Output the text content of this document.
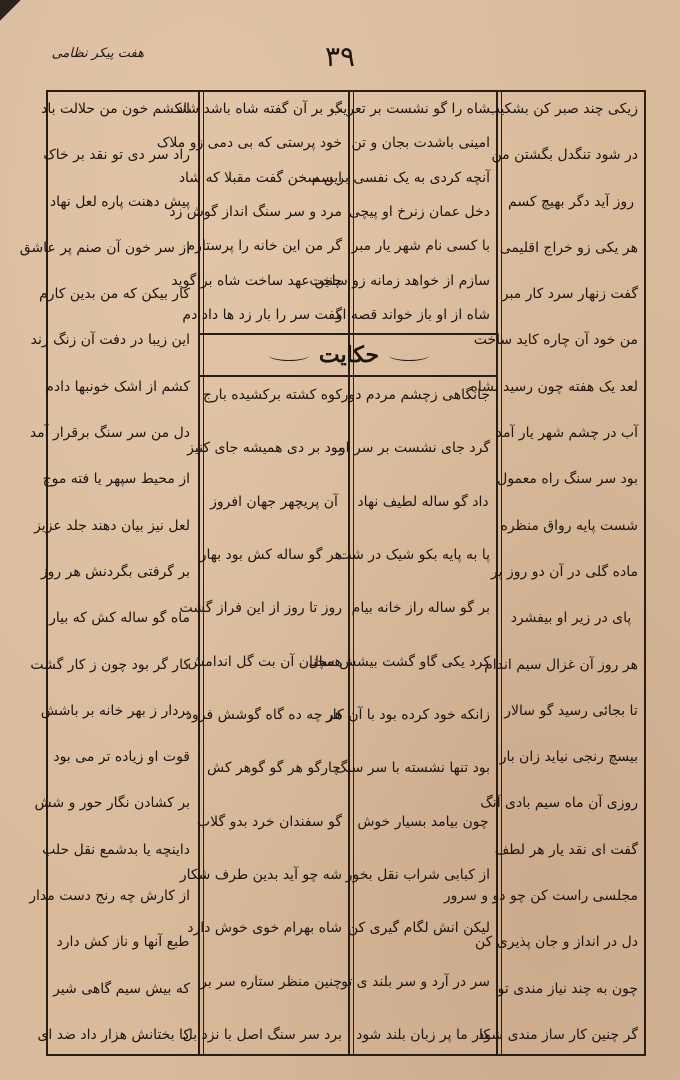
هفت پیکر نظامی	۳۹
زیکی چند صبر کن بشکیب
در شود تنگدل بگشتن من
روز آید دگر بهیچ کسم
هر یکی زو خراج اقلیمی
گفت زنهار سرد کار مبر
من خود آن چاره کاید ساخت
لعد یک هفته چون رسید بشاه
آب در چشم شهر یار آمد
بود سر سنگ راه معمول
شست پایه رواق منظره
ماده گلی در آن دو روز پر
پای در زیر او بیفشرد
هر روز آن غزال سیم اندام
تا بجائی رسید گو سالار
بیسچ رنجی نیاید زان بار
روزی آن ماه سیم بادی آنگ
گفت ای نقد یار هر لطف
مجلسی راست کن چو دو و سرور
دل در انداز و جان پذیری کن
چون به چند نیاز مندی تو
گر چنین کار ساز مندی شود
شاه را گو نشست بر تعریب
امینی باشدت بجان و تن
آنچه کردی به یک نفسی بر سم
دخل عمان زنرخ او پیچی
با کسی نام شهر یار مبر
سازم از خواهد زمانه زو ساخت
شاه از او باز خواند قصه او
گر بر آن گفته شاه باشد شاد
خود پرستی که بی دمی زو ملاک
این سخن گفت مقبلا که شاد
مرد و سر سنگ انداز گوش زد
گر من این خانه را پرستارم
چنین عهد ساخت شاه بر گوید
گفت سر را بار زد ها داد دم
انکشم خون من حلالت باد
راد سر دی تو نقد بر خاک
پیش دهنت پاره لعل نهاد
از سر خون آن صنم پر عاشق
کار بیکن که من بدین کارم
این زیبا در دفت آن زنگ زند
کشم از اشک خونبها دادم
دل من سر سنگ برقرار آمد
از محیط سپهر یا فته موج
لعل نیز بیان دهند جلد عزیز
بر گرفتی بگردنش هر روز
ماه گو ساله کش که بیار
کار گر بود چون ز کار گشت
بردار ز بهر خانه بر باشش
قوت او زیاده تر می بود
بر کشادن نگار حور و شش
داینچه یا بدشمع نقل حلب
از کارش چه رنج دست مدار
طبع آنها و ناز کش دارد
که بیش سیم گاهی شیر
کا بختانش هزار داد ضد ای
حکایت
جانگاهی زچشم مردم دور
گرد جای نشست بر سر او
داد گو ساله لطیف نهاد
پا به پایه بکو شیک در شت
بر گو ساله راز خانه بیام
کرد یکی گاو گشت بیشش سال
زانکه خود کرده بود با آن کار
بود تنها نشسته با سر سنگ
چون بیامد بسیار خوش
از کبابی شراب نقل بخور
لیکن انش لگام گیری کن
سر در آرد و سر بلند ی تو
کار ما پر زبان بلند شود
کوه کشته برکشیده بارج
بود بر دی همیشه جای کنیز
آن پریچهر جهان افروز
هر گو ساله کش بود بهار
روز تا روز از این فراز گشت
همچنان آن بت گل اندامش
هر چه ده گاه گوشش فرود
چارگو هر گو گوهر کش
گو سفندان خرد بدو گلاب
شه چو آید بدین طرف شکار
شاه بهرام خوی خوش دارد
چنین منظر ستاره سر بر
برد سر سنگ اصل با نزد بل
